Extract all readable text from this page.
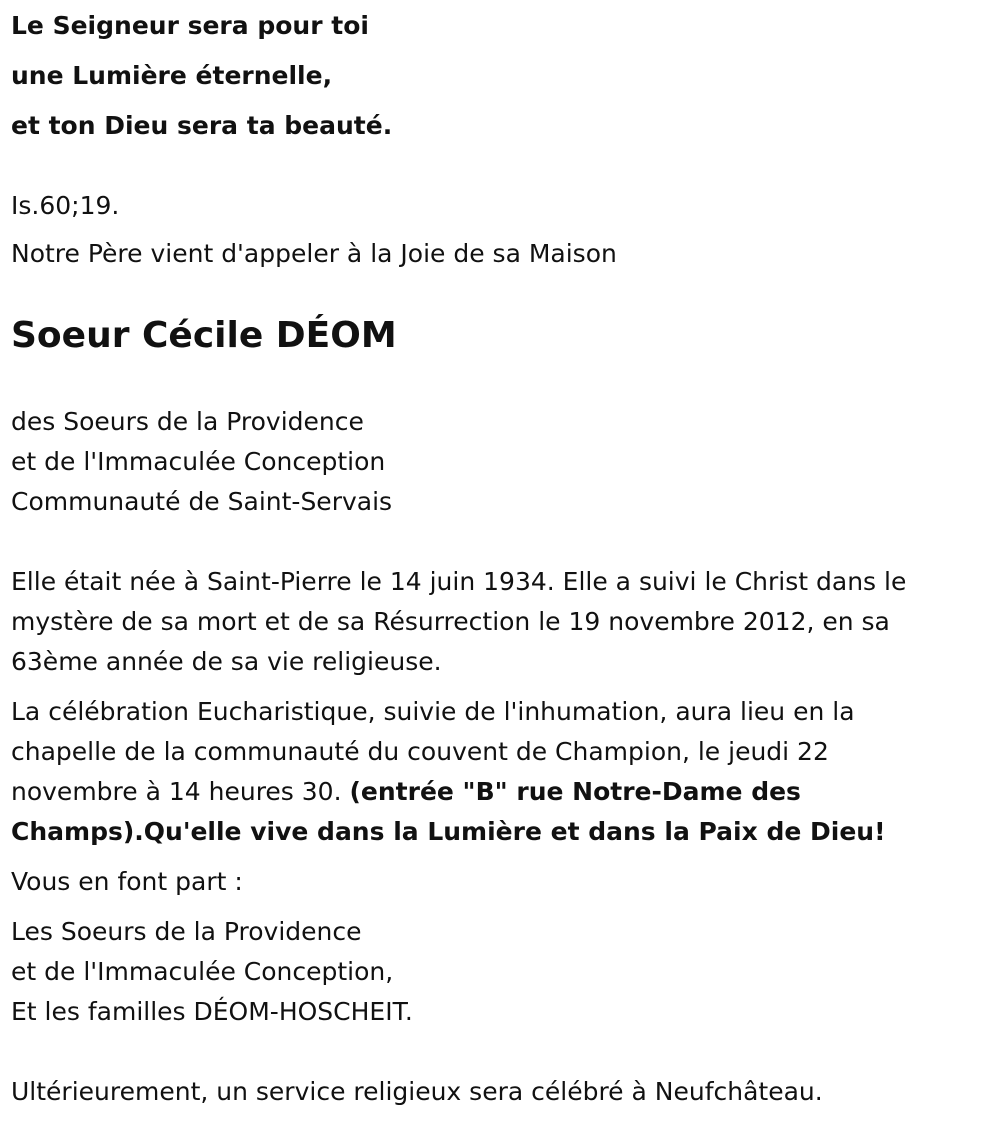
Le Seigneur sera pour toi

une Lumière éternelle,

et ton Dieu sera ta beauté.

Is.60;19.

Notre Père vient d'appeler à la Joie de sa Maison

Soeur Cécile DÉOM

des Soeurs de la Providence

et de l'Immaculée Conception

Communauté de Saint-Servais

Elle était née à Saint-Pierre le 14 juin 1934. Elle a suivi le Christ dans le

mystère de sa mort et de sa Résurrection le 19 novembre 2012, en sa

63ème année de sa vie religieuse.

La célébration Eucharistique, suivie de l'inhumation, aura lieu en la

chapelle de la communauté du couvent de Champion, le jeudi 22

novembre à 14 heures 30. (entrée "B" rue Notre-Dame des

Champs).Qu'elle vive dans la Lumière et dans la Paix de Dieu!

Vous en font part :

Les Soeurs de la Providence

et de l'Immaculée Conception,

Et les familles DÉOM-HOSCHEIT.

Ultérieurement, un service religieux sera célébré à Neufchâteau.
